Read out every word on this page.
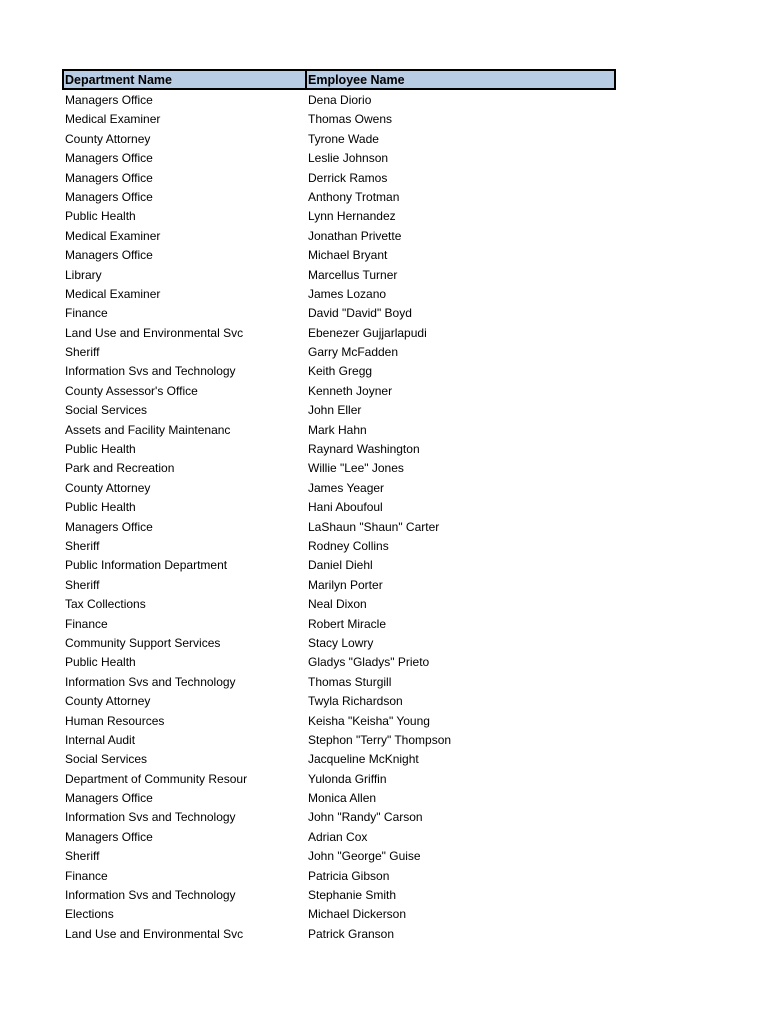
Department Name	Employee Name
Managers Office	Dena Diorio
Medical Examiner	Thomas Owens
County Attorney	Tyrone Wade
Managers Office	Leslie Johnson
Managers Office	Derrick Ramos
Managers Office	Anthony Trotman
Public Health	Lynn Hernandez
Medical Examiner	Jonathan Privette
Managers Office	Michael Bryant
Library	Marcellus Turner
Medical Examiner	James Lozano
Finance	David "David" Boyd
Land Use and Environmental Svc	Ebenezer Gujjarlapudi
Sheriff	Garry McFadden
Information Svs and Technology	Keith Gregg
County Assessor's Office	Kenneth Joyner
Social Services	John Eller
Assets and Facility Maintenanc	Mark Hahn
Public Health	Raynard Washington
Park and Recreation	Willie "Lee" Jones
County Attorney	James Yeager
Public Health	Hani Aboufoul
Managers Office	LaShaun "Shaun" Carter
Sheriff	Rodney Collins
Public Information Department	Daniel Diehl
Sheriff	Marilyn Porter
Tax Collections	Neal Dixon
Finance	Robert Miracle
Community Support Services	Stacy Lowry
Public Health	Gladys "Gladys" Prieto
Information Svs and Technology	Thomas Sturgill
County Attorney	Twyla Richardson
Human Resources	Keisha "Keisha" Young
Internal Audit	Stephon "Terry" Thompson
Social Services	Jacqueline McKnight
Department of Community Resour	Yulonda Griffin
Managers Office	Monica Allen
Information Svs and Technology	John "Randy" Carson
Managers Office	Adrian Cox
Sheriff	John "George" Guise
Finance	Patricia Gibson
Information Svs and Technology	Stephanie Smith
Elections	Michael Dickerson
Land Use and Environmental Svc	Patrick Granson
